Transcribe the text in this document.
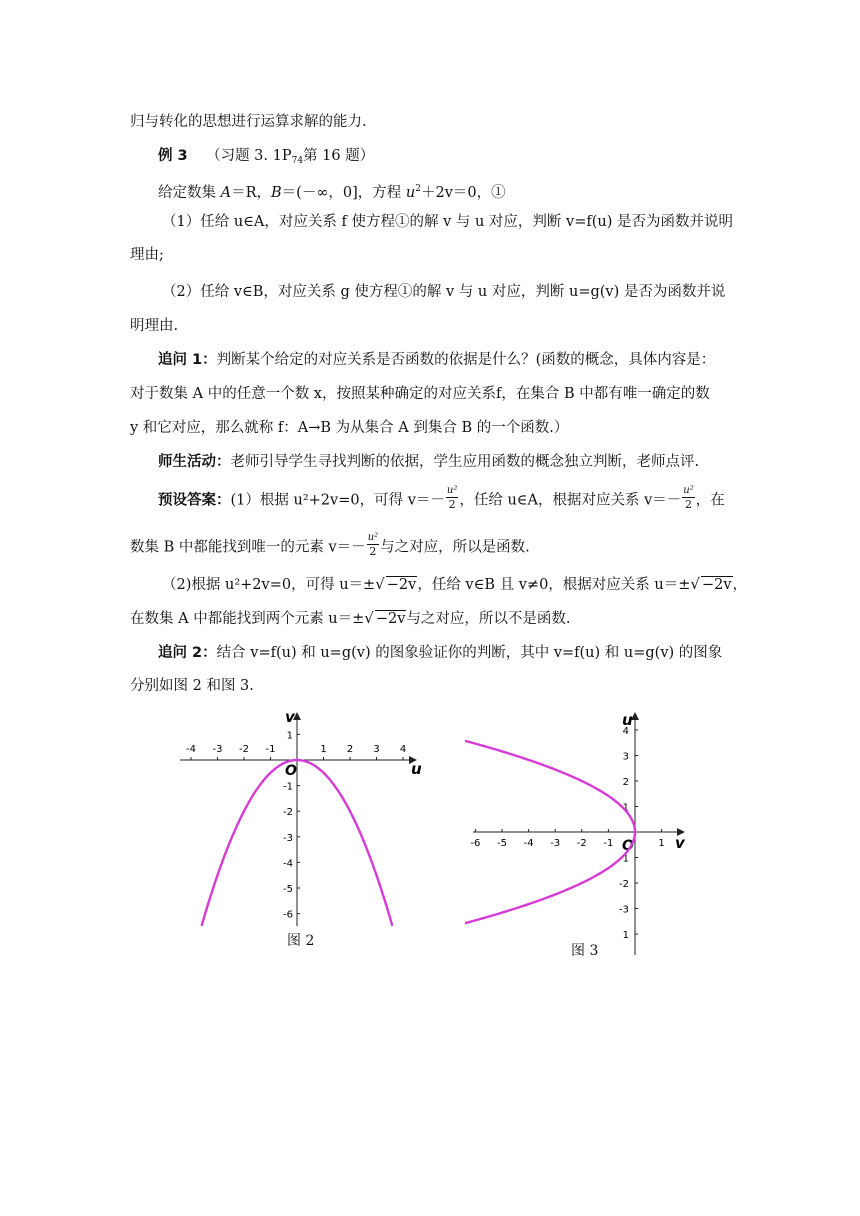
归与转化的思想进行运算求解的能力.
例 3 （习题 3. $1P_{74}$第 16 题）
给定数集 A＝R，B＝(－∞，0]，方程 $u^2+2v=0$，①
（1）任给 u∈A，对应关系 f 使方程①的解 v 与 u 对应，判断 v=f(u) 是否为函数并说明
理由;
（2）任给 v∈B，对应关系 g 使方程①的解 v 与 u 对应，判断 u=g(v) 是否为函数并说
明理由.
追问 1：判断某个给定的对应关系是否函数的依据是什么？(函数的概念，具体内容是：
对于数集 A 中的任意一个数 x，按照某种确定的对应关系f，在集合 B 中都有唯一确定的数
y 和它对应，那么就称 f：A→B 为从集合 A 到集合 B 的一个函数.）
师生活动：老师引导学生寻找判断的依据，学生应用函数的概念独立判断，老师点评.
预设答案：(1）根据 u²+2v=0，可得 $v=- \frac{\text{u²}}{2}$ ，任给 u∈A，根据对应关系 $v=- \frac{\text{u²}}{2}$ ，在
数集 B 中都能找到唯一的元素 $v=- \frac{\text{u²}}{2}$ 与之对应，所以是函数.
（2)根据 u²+2v=0，可得 u＝±√ −2v，任给 v∈B 且 v≠0，根据对应关系 u＝±√ −2v，
在数集 A 中都能找到两个元素 u＝±√ −2v与之对应，所以不是函数.
追问 2：结合 v=f(u) 和 u=g(v) 的图象验证你的判断，其中 v=f(u) 和 u=g(v) 的图象
分别如图 2 和图 3.
-4 -3 -2 -1	1 2 3 4
1
-1
-2
-3
-4
-5
-6
u
v
O
图 2
-6 -5 -4 -3 -2 -1	1
4
3
2
1
-1
-2
-3
1
v
u
O
图 3
